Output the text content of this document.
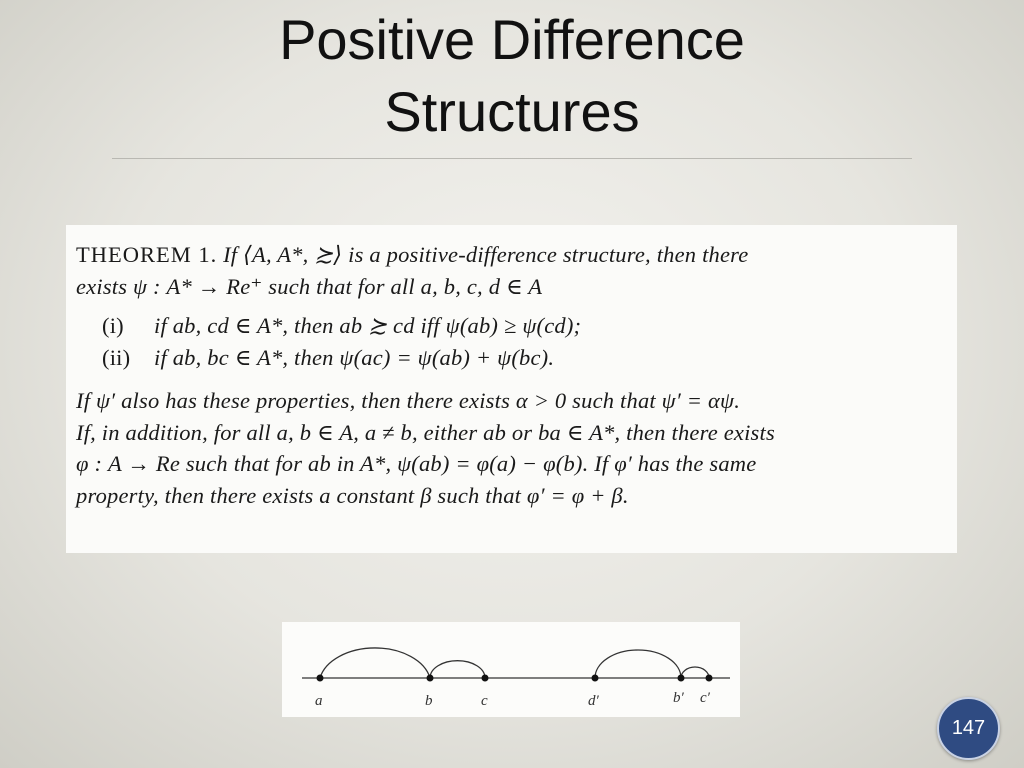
Positive Difference
Structures

THEOREM 1. If ⟨A, A*, ≿⟩ is a positive-difference structure, then there

exists ψ : A* → Re⁺ such that for all a, b, c, d ∈ A

(i) if ab, cd ∈ A*, then ab ≿ cd iff ψ(ab) ≥ ψ(cd);

(ii) if ab, bc ∈ A*, then ψ(ac) = ψ(ab) + ψ(bc).

If ψ′ also has these properties, then there exists α > 0 such that ψ′ = αψ.

If, in addition, for all a, b ∈ A, a ≠ b, either ab or ba ∈ A*, then there exists

φ : A → Re such that for ab in A*, ψ(ab) = φ(a) − φ(b). If φ′ has the same

property, then there exists a constant β such that φ′ = φ + β.

a	b	c	d′	b′ c′
147
